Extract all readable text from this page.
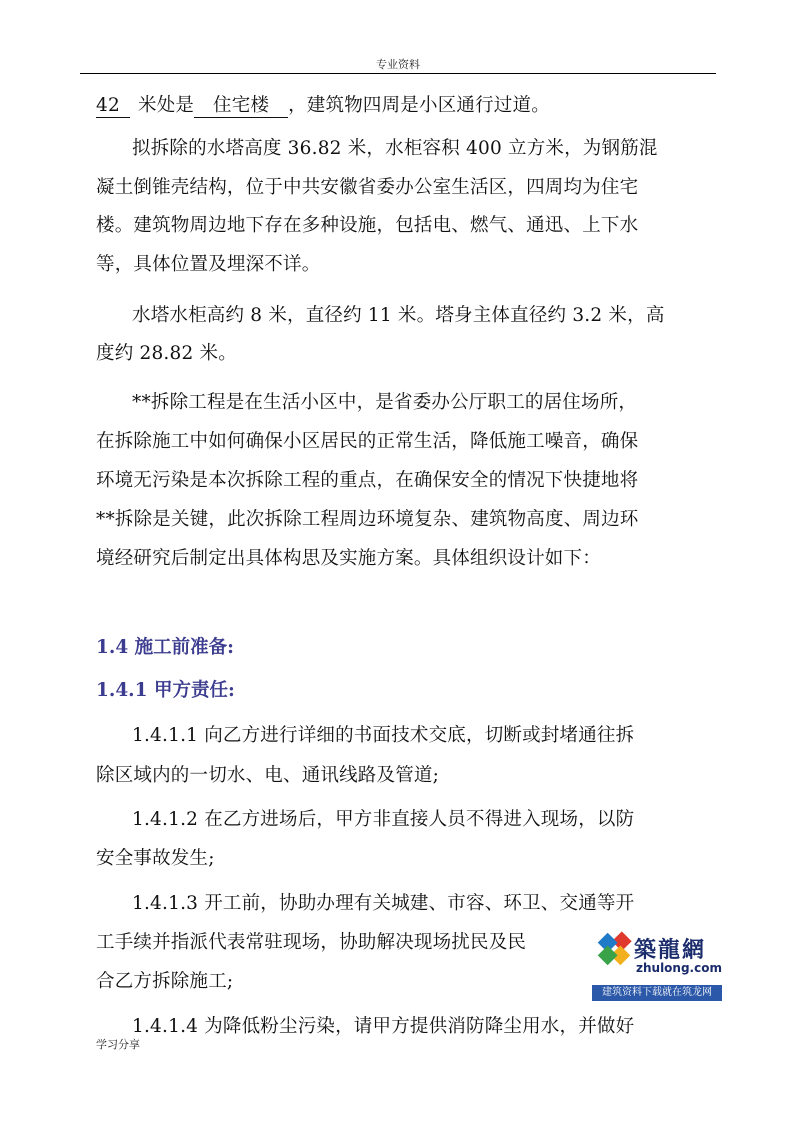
专业资料
42 米处是 住宅楼 ，建筑物四周是小区通行过道。
拟拆除的水塔高度 36.82 米，水柜容积 400 立方米，为钢筋混
凝土倒锥壳结构，位于中共安徽省委办公室生活区，四周均为住宅
楼。建筑物周边地下存在多种设施，包括电、燃气、通迅、上下水
等，具体位置及埋深不详。
水塔水柜高约 8 米，直径约 11 米。塔身主体直径约 3.2 米，高
度约 28.82 米。
**拆除工程是在生活小区中，是省委办公厅职工的居住场所，
在拆除施工中如何确保小区居民的正常生活，降低施工噪音，确保
环境无污染是本次拆除工程的重点，在确保安全的情况下快捷地将
**拆除是关键，此次拆除工程周边环境复杂、建筑物高度、周边环
境经研究后制定出具体构思及实施方案。具体组织设计如下：
1.4 施工前准备:
1.4.1 甲方责任:
1.4.1.1 向乙方进行详细的书面技术交底，切断或封堵通往拆
除区域内的一切水、电、通讯线路及管道;
1.4.1.2 在乙方进场后，甲方非直接人员不得进入现场，以防
安全事故发生;
1.4.1.3 开工前，协助办理有关城建、市容、环卫、交通等开
工手续并指派代表常驻现场，协助解决现场扰民及民
合乙方拆除施工;
1.4.1.4 为降低粉尘污染，请甲方提供消防降尘用水，并做好
築龍網
zhulong.com
建筑资料下载就在筑龙网
学习分享
